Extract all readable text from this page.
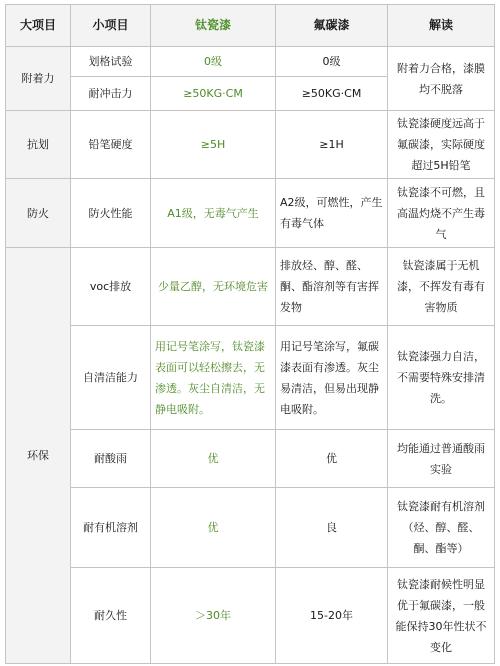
大项目	小项目	钛瓷漆	氟碳漆	解读
附着力	划格试验	0级	0级	附着力合格，漆膜均不脱落
	耐冲击力	≥50KG·CM	≥50KG·CM	
抗划	铅笔硬度	≥5H	≥1H	钛瓷漆硬度远高于氟碳漆，实际硬度超过5H铅笔
防火	防火性能	A1级，无毒气产生	A2级，可燃性，产生有毒气体	钛瓷漆不可燃，且高温灼烧不产生毒气
环保	voc排放	少量乙醇，无环境危害	排放烃、醇、醛、酮、酯溶剂等有害挥发物	钛瓷漆属于无机漆，不挥发有毒有害物质
	自清洁能力	用记号笔涂写，钛瓷漆表面可以轻松擦去，无渗透。灰尘自清洁，无静电吸附。	用记号笔涂写，氟碳漆表面有渗透。灰尘易清洁，但易出现静电吸附。	钛瓷漆强力自洁，不需要特殊安排清洗。
	耐酸雨	优	优	均能通过普通酸雨实验
	耐有机溶剂	优	良	钛瓷漆耐有机溶剂（烃、醇、醛、酮、酯等）
	耐久性	＞30年	15-20年	钛瓷漆耐候性明显优于氟碳漆，一般能保持30年性状不变化
